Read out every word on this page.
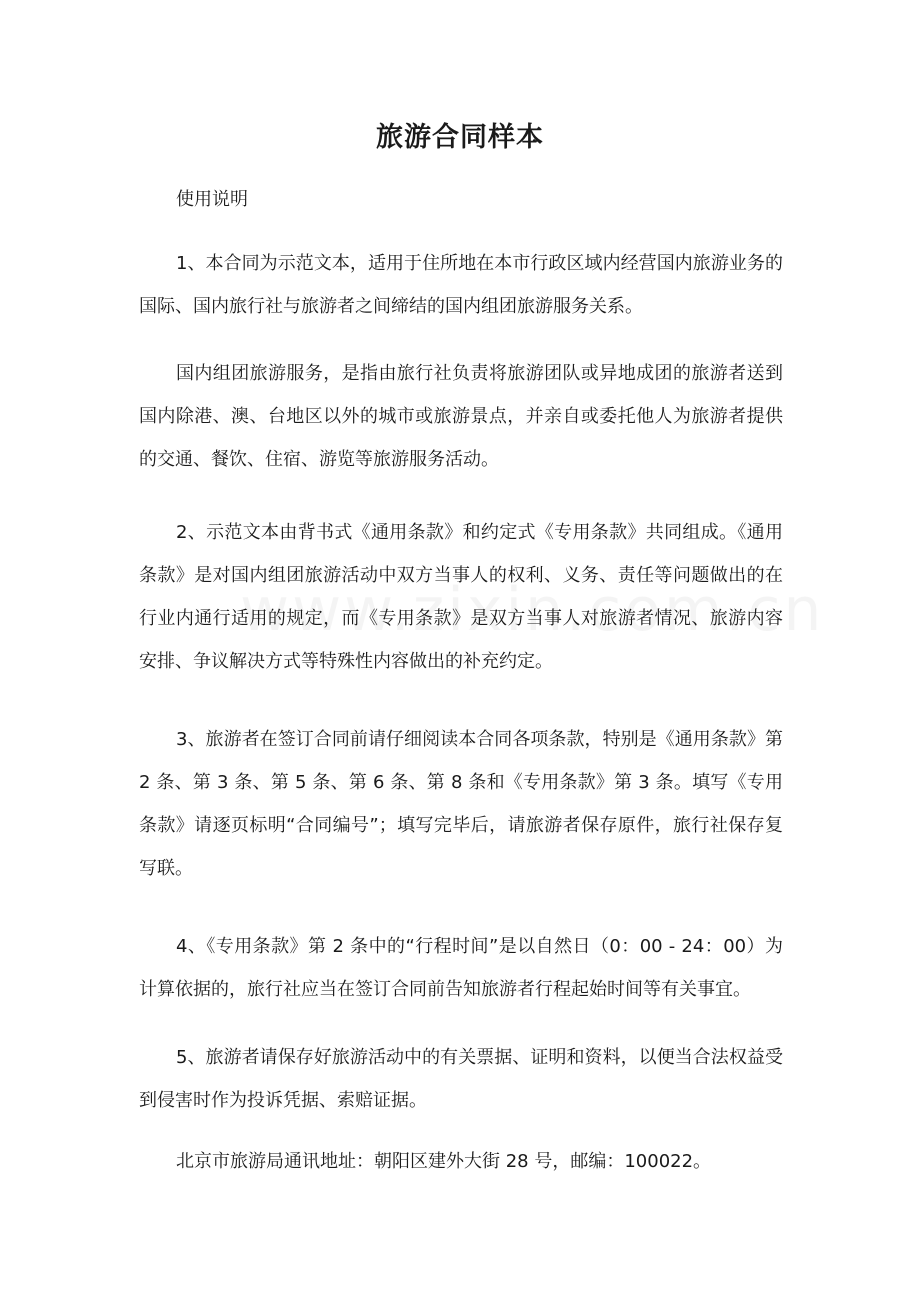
旅游合同样本
使用说明
1、本合同为示范文本，适用于住所地在本市行政区域内经营国内旅游业务的国际、国内旅行社与旅游者之间缔结的国内组团旅游服务关系。
国内组团旅游服务，是指由旅行社负责将旅游团队或异地成团的旅游者送到国内除港、澳、台地区以外的城市或旅游景点，并亲自或委托他人为旅游者提供的交通、餐饮、住宿、游览等旅游服务活动。
2、示范文本由背书式《通用条款》和约定式《专用条款》共同组成。《通用条款》是对国内组团旅游活动中双方当事人的权利、义务、责任等问题做出的在行业内通行适用的规定，而《专用条款》是双方当事人对旅游者情况、旅游内容安排、争议解决方式等特殊性内容做出的补充约定。
3、旅游者在签订合同前请仔细阅读本合同各项条款，特别是《通用条款》第 2 条、第 3 条、第 5 条、第 6 条、第 8 条和《专用条款》第 3 条。填写《专用条款》请逐页标明“合同编号”；填写完毕后，请旅游者保存原件，旅行社保存复写联。
4、《专用条款》第 2 条中的“行程时间”是以自然日（0：00 - 24：00）为计算依据的，旅行社应当在签订合同前告知旅游者行程起始时间等有关事宜。
5、旅游者请保存好旅游活动中的有关票据、证明和资料，以便当合法权益受到侵害时作为投诉凭据、索赔证据。
北京市旅游局通讯地址：朝阳区建外大街 28 号，邮编：100022。
